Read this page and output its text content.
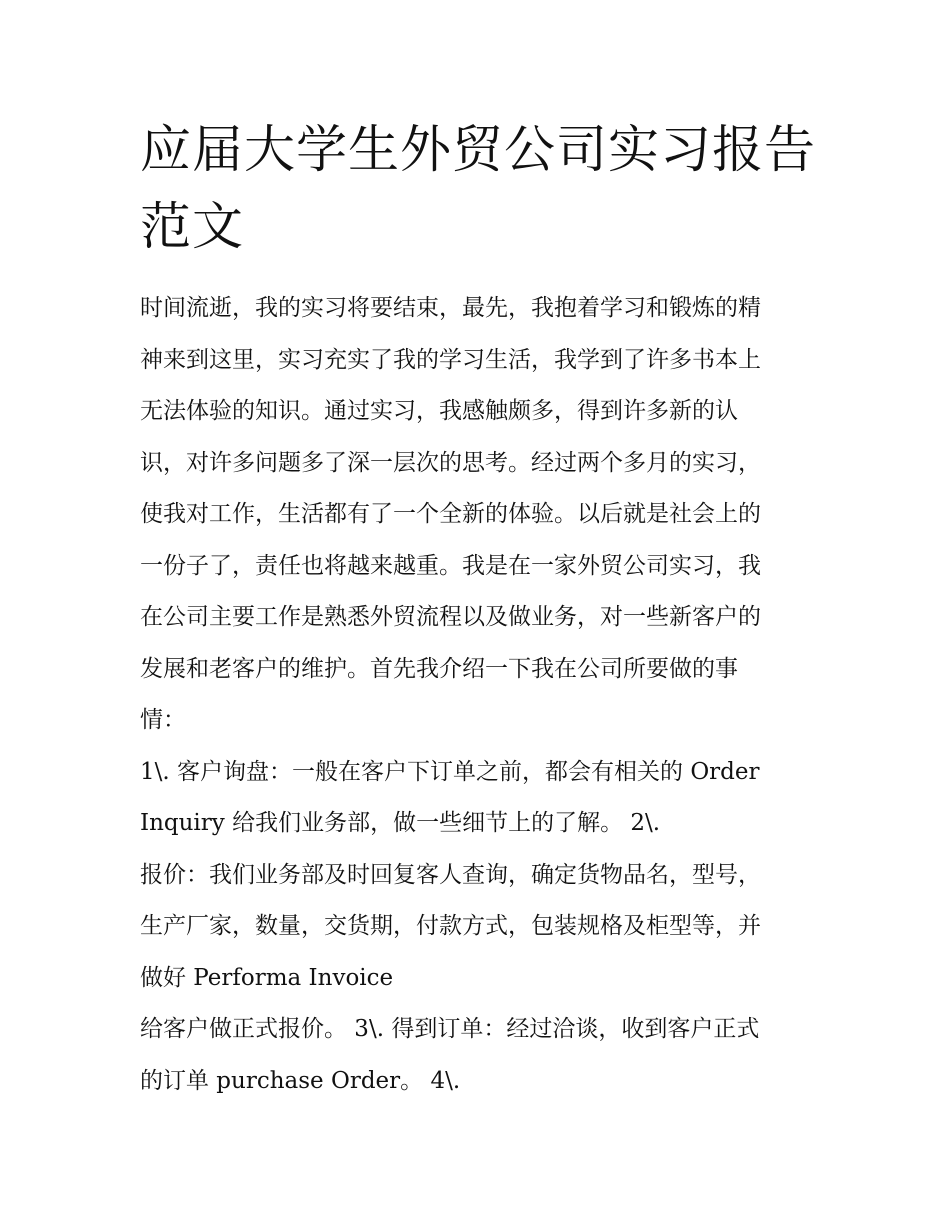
应届大学生外贸公司实习报告
范文
时间流逝，我的实习将要结束，最先，我抱着学习和锻炼的精
神来到这里，实习充实了我的学习生活，我学到了许多书本上
无法体验的知识。通过实习，我感触颇多，得到许多新的认
识，对许多问题多了深一层次的思考。经过两个多月的实习，
使我对工作，生活都有了一个全新的体验。以后就是社会上的
一份子了，责任也将越来越重。我是在一家外贸公司实习，我
在公司主要工作是熟悉外贸流程以及做业务，对一些新客户的
发展和老客户的维护。首先我介绍一下我在公司所要做的事
情：
1\. 客户询盘：一般在客户下订单之前，都会有相关的 Order
Inquiry 给我们业务部，做一些细节上的了解。 2\.
报价：我们业务部及时回复客人查询，确定货物品名，型号，
生产厂家，数量，交货期，付款方式，包装规格及柜型等，并
做好 Performa Invoice
给客户做正式报价。 3\. 得到订单：经过洽谈，收到客户正式
的订单 purchase Order。 4\.
